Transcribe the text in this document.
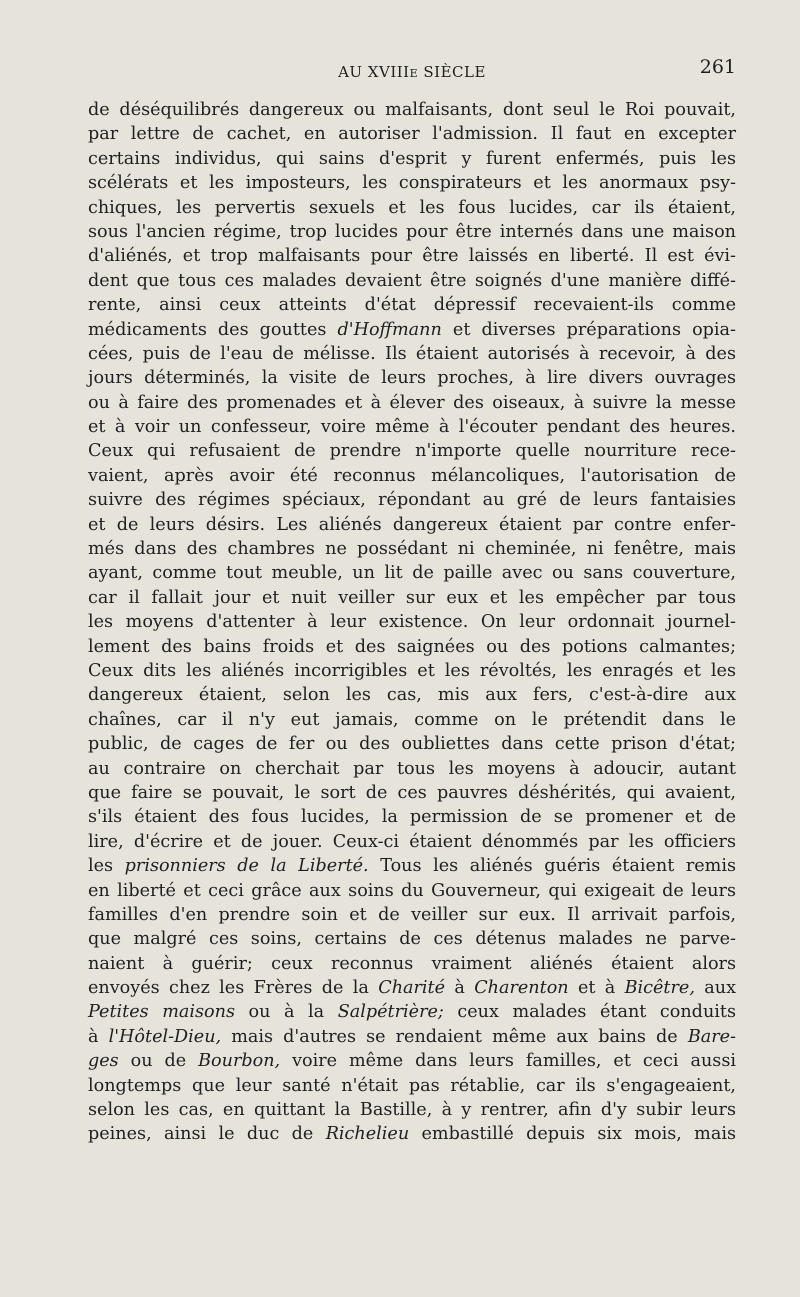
AU XVIIIe SIÈCLE	261
de déséquilibrés dangereux ou malfaisants, dont seul le Roi pouvait,
par lettre de cachet, en autoriser l'admission. Il faut en excepter
certains individus, qui sains d'esprit y furent enfermés, puis les
scélérats et les imposteurs, les conspirateurs et les anormaux psy-
chiques, les pervertis sexuels et les fous lucides, car ils étaient,
sous l'ancien régime, trop lucides pour être internés dans une maison
d'aliénés, et trop malfaisants pour être laissés en liberté. Il est évi-
dent que tous ces malades devaient être soignés d'une manière diffé-
rente, ainsi ceux atteints d'état dépressif recevaient-ils comme
médicaments des gouttes d'Hoffmann et diverses préparations opia-
cées, puis de l'eau de mélisse. Ils étaient autorisés à recevoir, à des
jours déterminés, la visite de leurs proches, à lire divers ouvrages
ou à faire des promenades et à élever des oiseaux, à suivre la messe
et à voir un confesseur, voire même à l'écouter pendant des heures.
Ceux qui refusaient de prendre n'importe quelle nourriture rece-
vaient, après avoir été reconnus mélancoliques, l'autorisation de
suivre des régimes spéciaux, répondant au gré de leurs fantaisies
et de leurs désirs. Les aliénés dangereux étaient par contre enfer-
més dans des chambres ne possédant ni cheminée, ni fenêtre, mais
ayant, comme tout meuble, un lit de paille avec ou sans couverture,
car il fallait jour et nuit veiller sur eux et les empêcher par tous
les moyens d'attenter à leur existence. On leur ordonnait journel-
lement des bains froids et des saignées ou des potions calmantes;
Ceux dits les aliénés incorrigibles et les révoltés, les enragés et les
dangereux étaient, selon les cas, mis aux fers, c'est-à-dire aux
chaînes, car il n'y eut jamais, comme on le prétendit dans le
public, de cages de fer ou des oubliettes dans cette prison d'état;
au contraire on cherchait par tous les moyens à adoucir, autant
que faire se pouvait, le sort de ces pauvres déshérités, qui avaient,
s'ils étaient des fous lucides, la permission de se promener et de
lire, d'écrire et de jouer. Ceux-ci étaient dénommés par les officiers
les prisonniers de la Liberté. Tous les aliénés guéris étaient remis
en liberté et ceci grâce aux soins du Gouverneur, qui exigeait de leurs
familles d'en prendre soin et de veiller sur eux. Il arrivait parfois,
que malgré ces soins, certains de ces détenus malades ne parve-
naient à guérir; ceux reconnus vraiment aliénés étaient alors
envoyés chez les Frères de la Charité à Charenton et à Bicêtre, aux
Petites maisons ou à la Salpétrière; ceux malades étant conduits
à l'Hôtel-Dieu, mais d'autres se rendaient même aux bains de Bare-
ges ou de Bourbon, voire même dans leurs familles, et ceci aussi
longtemps que leur santé n'était pas rétablie, car ils s'engageaient,
selon les cas, en quittant la Bastille, à y rentrer, afin d'y subir leurs
peines, ainsi le duc de Richelieu embastillé depuis six mois, mais
